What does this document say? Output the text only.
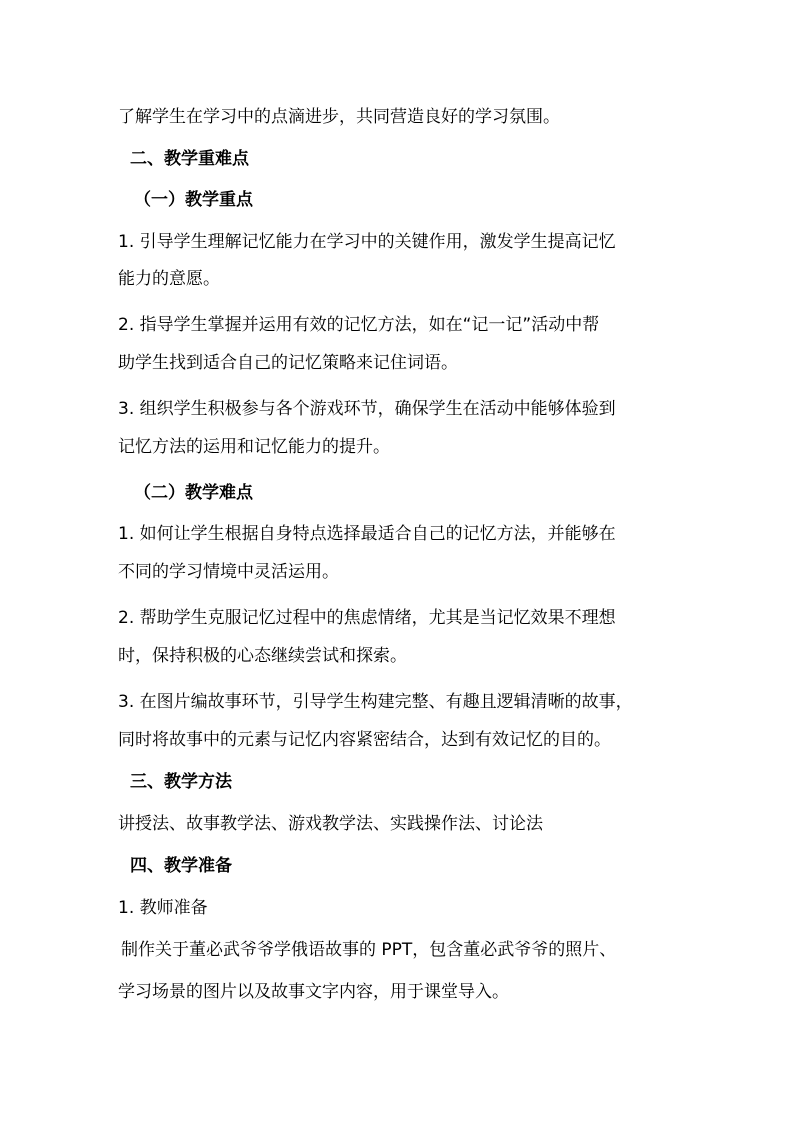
了解学生在学习中的点滴进步，共同营造良好的学习氛围。
二、教学重难点
（一）教学重点
1. 引导学生理解记忆能力在学习中的关键作用，激发学生提高记忆
能力的意愿。
2. 指导学生掌握并运用有效的记忆方法，如在“记一记”活动中帮
助学生找到适合自己的记忆策略来记住词语。
3. 组织学生积极参与各个游戏环节，确保学生在活动中能够体验到
记忆方法的运用和记忆能力的提升。
（二）教学难点
1. 如何让学生根据自身特点选择最适合自己的记忆方法，并能够在
不同的学习情境中灵活运用。
2. 帮助学生克服记忆过程中的焦虑情绪，尤其是当记忆效果不理想
时，保持积极的心态继续尝试和探索。
3. 在图片编故事环节，引导学生构建完整、有趣且逻辑清晰的故事，
同时将故事中的元素与记忆内容紧密结合，达到有效记忆的目的。
三、教学方法
讲授法、故事教学法、游戏教学法、实践操作法、讨论法
四、教学准备
1. 教师准备
制作关于董必武爷爷学俄语故事的 PPT，包含董必武爷爷的照片、
学习场景的图片以及故事文字内容，用于课堂导入。
